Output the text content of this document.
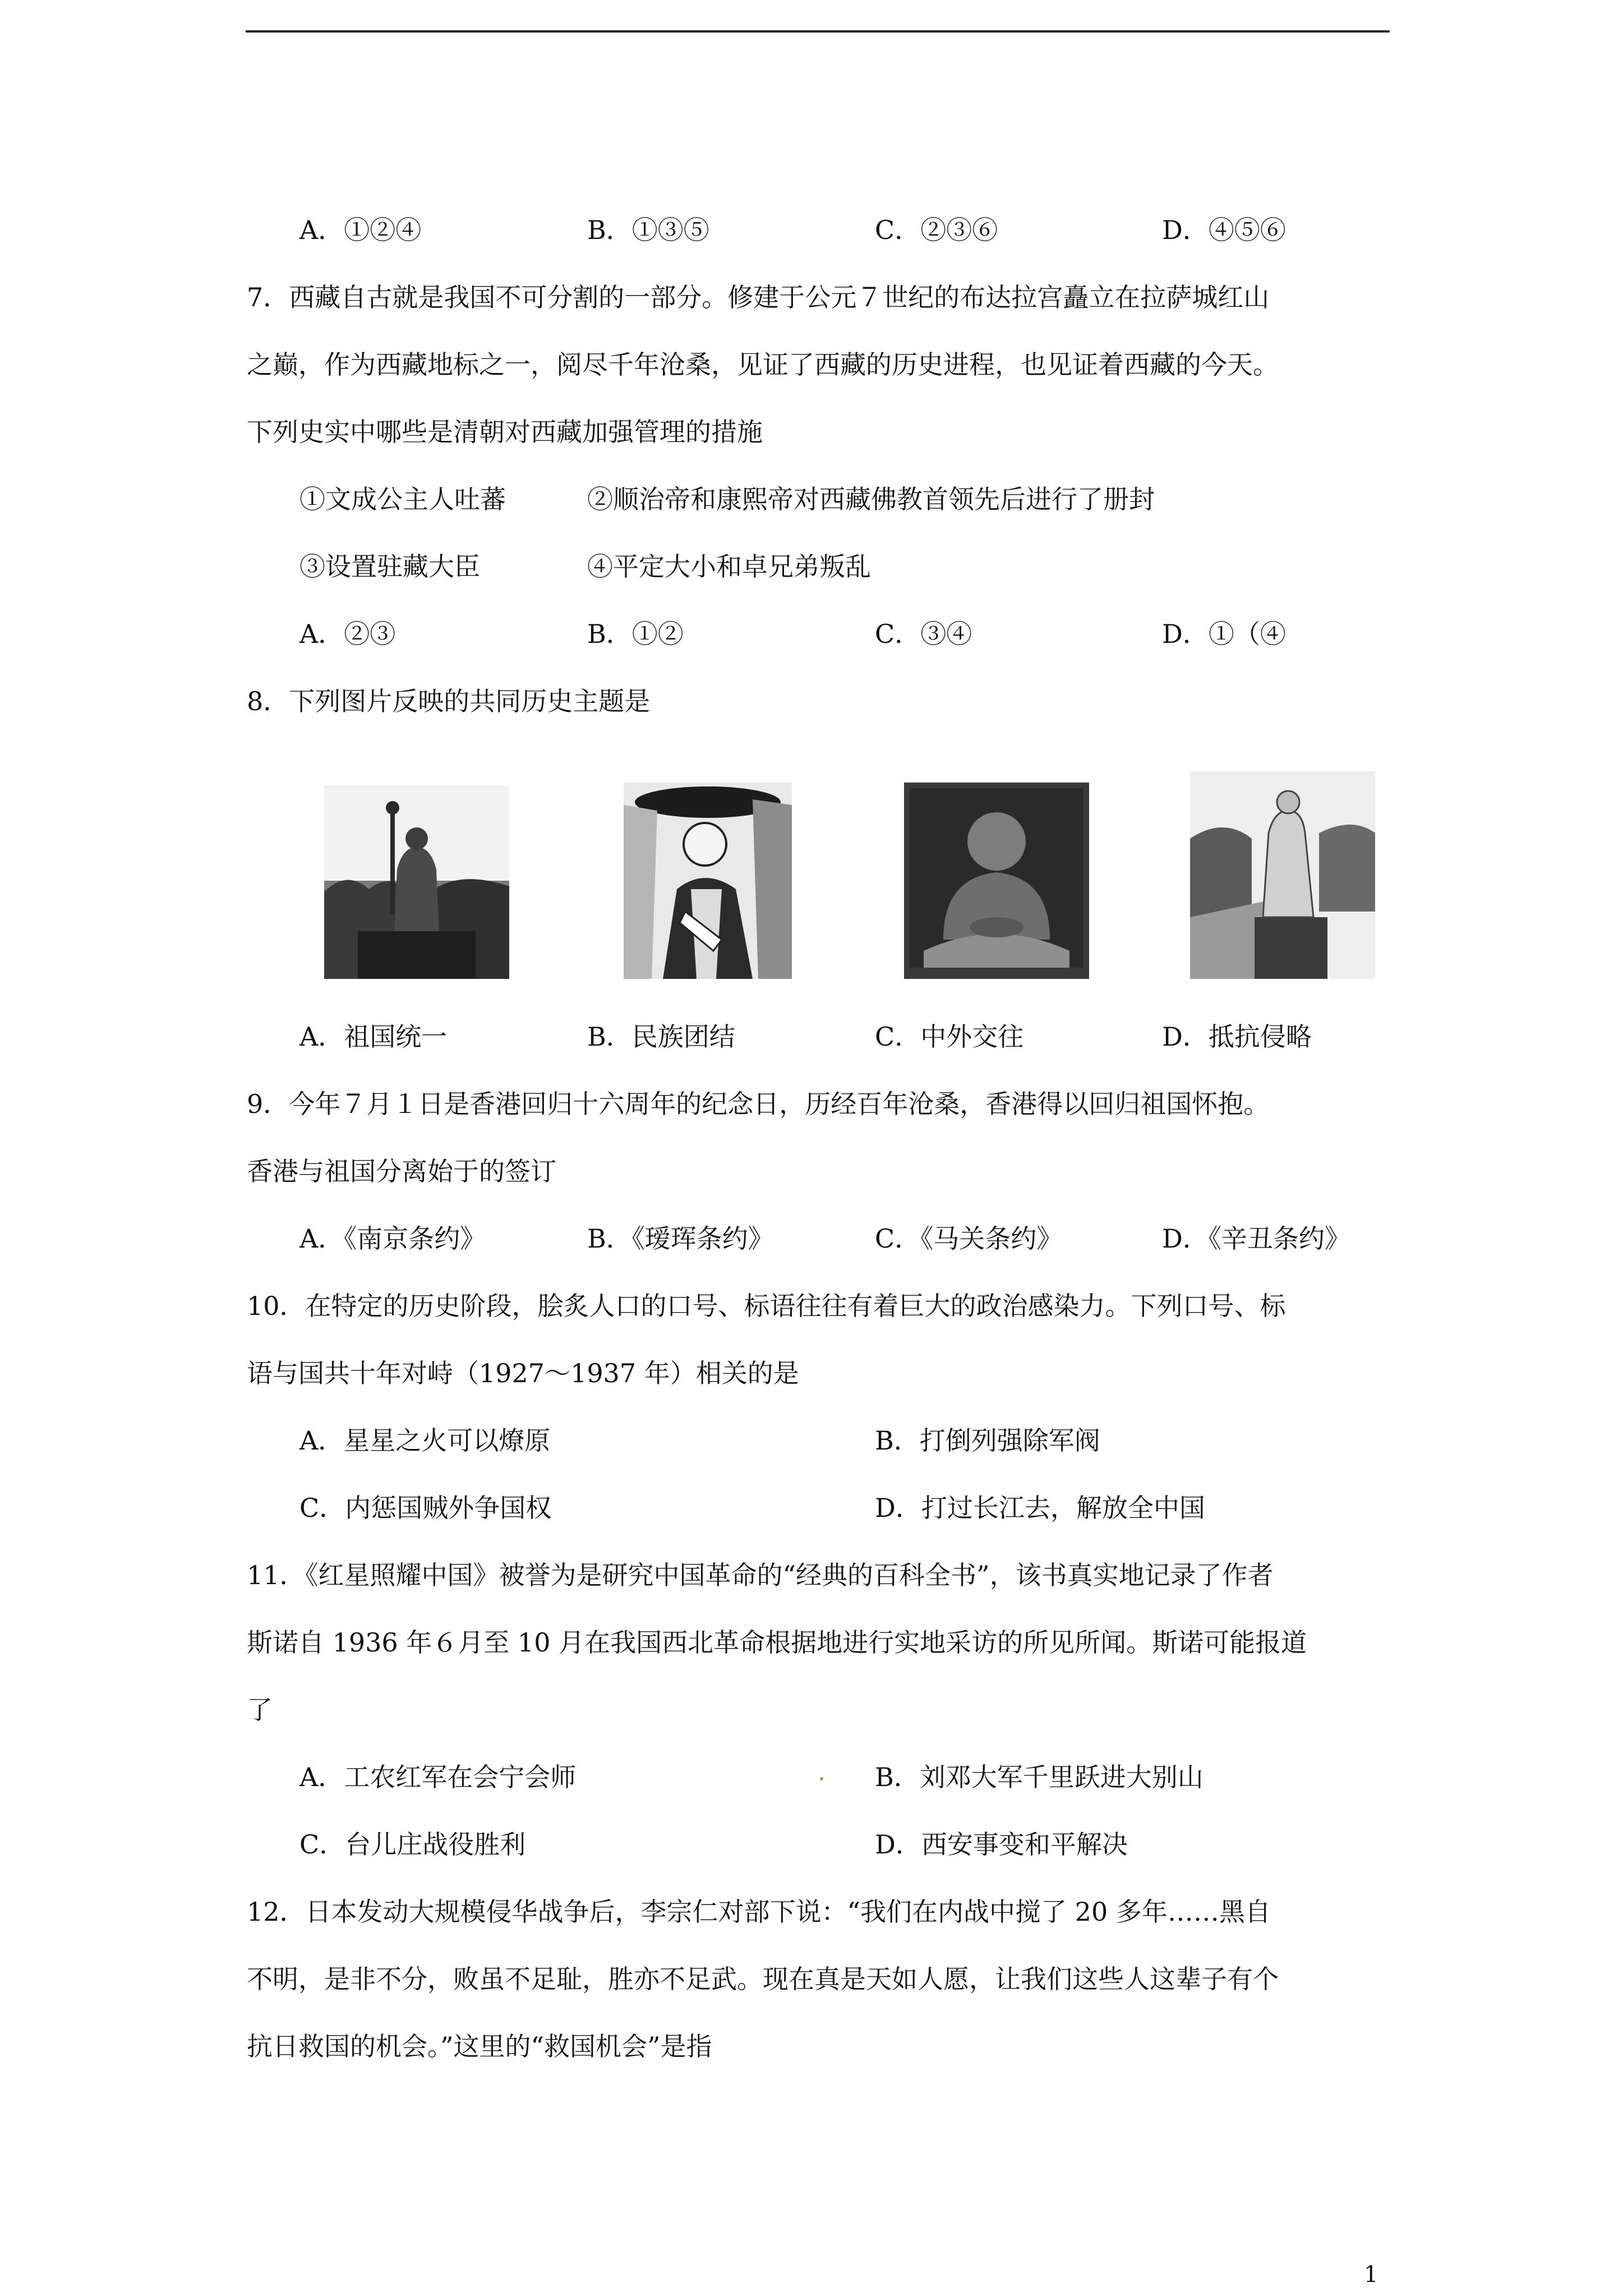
A．①②④	B．①③⑤	C．②③⑥	D．④⑤⑥
7．西藏自古就是我国不可分割的一部分。修建于公元７世纪的布达拉宫矗立在拉萨城红山
之巅，作为西藏地标之一，阅尽千年沧桑，见证了西藏的历史进程，也见证着西藏的今天。
下列史实中哪些是清朝对西藏加强管理的措施
①文成公主人吐蕃	②顺治帝和康熙帝对西藏佛教首领先后进行了册封
③设置驻藏大臣	④平定大小和卓兄弟叛乱
A．②③	B．①②	C．③④	D．①（④
8．下列图片反映的共同历史主题是
A．祖国统一	B．民族团结	C．中外交往	D．抵抗侵略
9．今年７月１日是香港回归十六周年的纪念日，历经百年沧桑，香港得以回归祖国怀抱。
香港与祖国分离始于的签订
A．《南京条约》	B．《瑷珲条约》	C．《马关条约》	D．《辛丑条约》
10．在特定的历史阶段，脍炙人口的口号、标语往往有着巨大的政治感染力。下列口号、标
语与国共十年对峙（1927～1937 年）相关的是
A．星星之火可以燎原	B．打倒列强除军阀
C．内惩国贼外争国权	D．打过长江去，解放全中国
11．《红星照耀中国》被誉为是研究中国革命的“经典的百科全书”，该书真实地记录了作者
斯诺自 1936 年６月至 10 月在我国西北革命根据地进行实地采访的所见所闻。斯诺可能报道
了
A．工农红军在会宁会师	B．刘邓大军千里跃进大别山
C．台儿庄战役胜利	D．西安事变和平解决
12．日本发动大规模侵华战争后，李宗仁对部下说：“我们在内战中搅了 20 多年……黑自
不明，是非不分，败虽不足耻，胜亦不足武。现在真是天如人愿，让我们这些人这辈子有个
抗日救国的机会。”这里的“救国机会”是指
1
